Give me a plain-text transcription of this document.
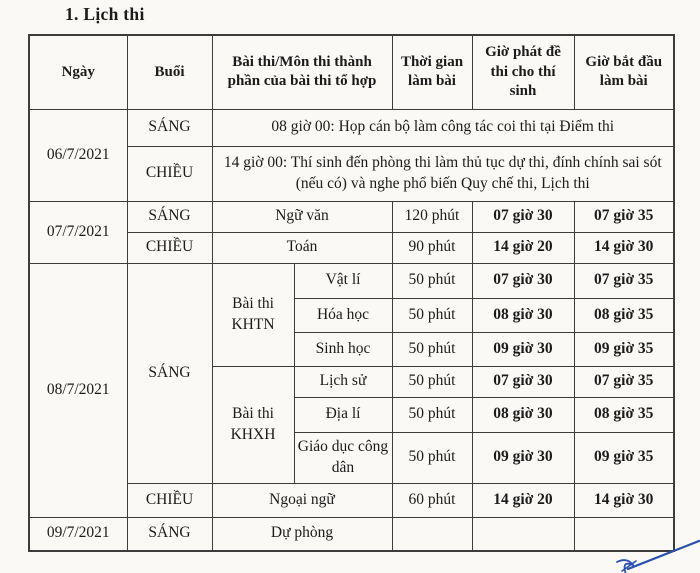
1. Lịch thi
Ngày	Buổi	Bài thi/Môn thi thành phần của bài thi tổ hợp		Thời gian làm bài	Giờ phát đề thi cho thí sinh	Giờ bắt đầu làm bài
06/7/2021	SÁNG	08 giờ 00: Họp cán bộ làm công tác coi thi tại Điểm thi				
	CHIỀU	14 giờ 00: Thí sinh đến phòng thi làm thủ tục dự thi, đính chính sai sót (nếu có) và nghe phổ biến Quy chế thi, Lịch thi				
07/7/2021	SÁNG	Ngữ văn		120 phút	07 giờ 30	07 giờ 35
	CHIỀU	Toán		90 phút	14 giờ 20	14 giờ 30
08/7/2021	SÁNG	Bài thi KHTN	Vật lí	50 phút	07 giờ 30	07 giờ 35
			Hóa học	50 phút	08 giờ 30	08 giờ 35
			Sinh học	50 phút	09 giờ 30	09 giờ 35
		Bài thi KHXH	Lịch sử	50 phút	07 giờ 30	07 giờ 35
			Địa lí	50 phút	08 giờ 30	08 giờ 35
			Giáo dục công dân	50 phút	09 giờ 30	09 giờ 35
	CHIỀU	Ngoại ngữ		60 phút	14 giờ 20	14 giờ 30
09/7/2021	SÁNG	Dự phòng				
